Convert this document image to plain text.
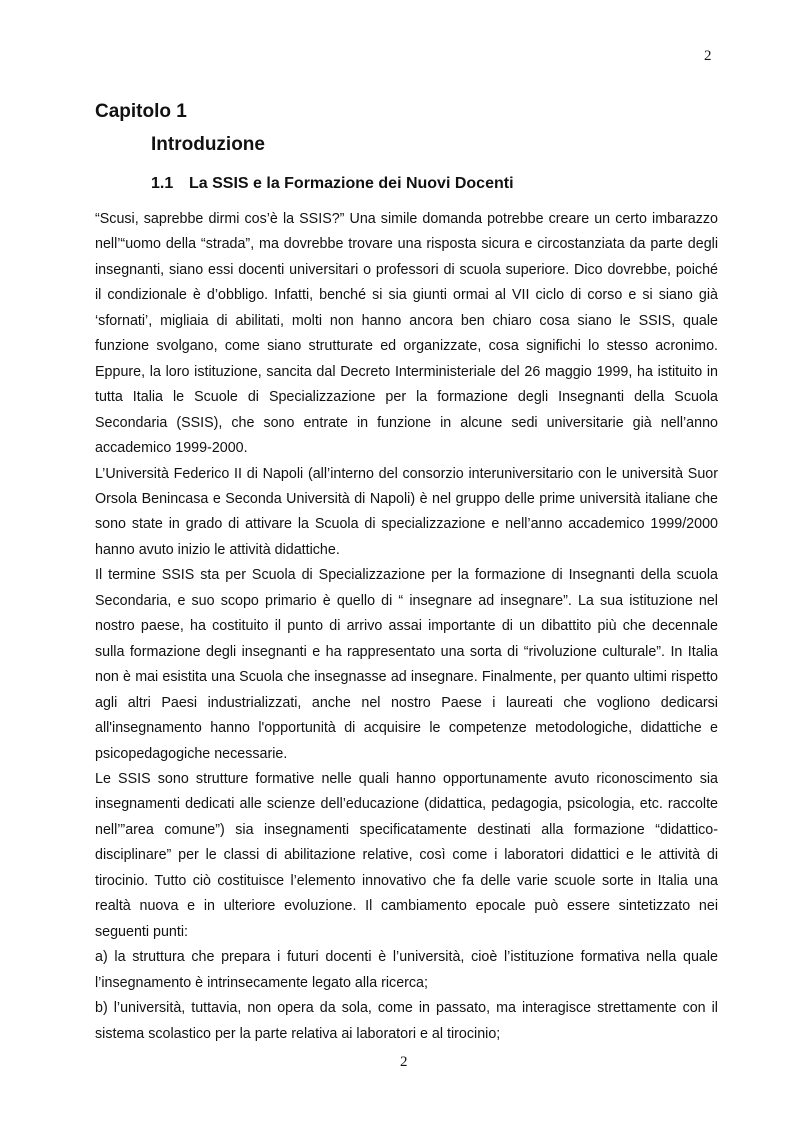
2
Capitolo 1
Introduzione
1.1 La SSIS e la Formazione dei Nuovi Docenti

“Scusi, saprebbe dirmi cos’è la SSIS?” Una simile domanda potrebbe creare un certo imbarazzo nell’“uomo della “strada”, ma dovrebbe trovare una risposta sicura e circostanziata da parte degli insegnanti, siano essi docenti universitari o professori di scuola superiore. Dico dovrebbe, poiché il condizionale è d’obbligo. Infatti, benché si sia giunti ormai al VII ciclo di corso e si siano già ‘sfornati’, migliaia di abilitati, molti non hanno ancora ben chiaro cosa siano le SSIS, quale funzione svolgano, come siano strutturate ed organizzate, cosa significhi lo stesso acronimo. Eppure, la loro istituzione, sancita dal Decreto Interministeriale del 26 maggio 1999, ha istituito in tutta Italia le Scuole di Specializzazione per la formazione degli Insegnanti della Scuola Secondaria (SSIS), che sono entrate in funzione in alcune sedi universitarie già nell’anno accademico 1999-2000.

L’Università Federico II di Napoli (all’interno del consorzio interuniversitario con le università Suor Orsola Benincasa e Seconda Università di Napoli) è nel gruppo delle prime università italiane che sono state in grado di attivare la Scuola di specializzazione e nell’anno accademico 1999/2000 hanno avuto inizio le attività didattiche.

Il termine SSIS sta per Scuola di Specializzazione per la formazione di Insegnanti della scuola Secondaria, e suo scopo primario è quello di “ insegnare ad insegnare”. La sua istituzione nel nostro paese, ha costituito il punto di arrivo assai importante di un dibattito più che decennale sulla formazione degli insegnanti e ha rappresentato una sorta di “rivoluzione culturale”. In Italia non è mai esistita una Scuola che insegnasse ad insegnare. Finalmente, per quanto ultimi rispetto agli altri Paesi industrializzati, anche nel nostro Paese i laureati che vogliono dedicarsi all'insegnamento hanno l'opportunità di acquisire le competenze metodologiche, didattiche e psicopedagogiche necessarie.

Le SSIS sono strutture formative nelle quali hanno opportunamente avuto riconoscimento sia insegnamenti dedicati alle scienze dell’educazione (didattica, pedagogia, psicologia, etc. raccolte nell’”area comune”) sia insegnamenti specificatamente destinati alla formazione “didattico-disciplinare” per le classi di abilitazione relative, così come i laboratori didattici e le attività di tirocinio. Tutto ciò costituisce l’elemento innovativo che fa delle varie scuole sorte in Italia una realtà nuova e in ulteriore evoluzione. Il cambiamento epocale può essere sintetizzato nei seguenti punti:

a) la struttura che prepara i futuri docenti è l’università, cioè l’istituzione formativa nella quale l’insegnamento è intrinsecamente legato alla ricerca;

b) l’università, tuttavia, non opera da sola, come in passato, ma interagisce strettamente con il sistema scolastico per la parte relativa ai laboratori e al tirocinio;

2
